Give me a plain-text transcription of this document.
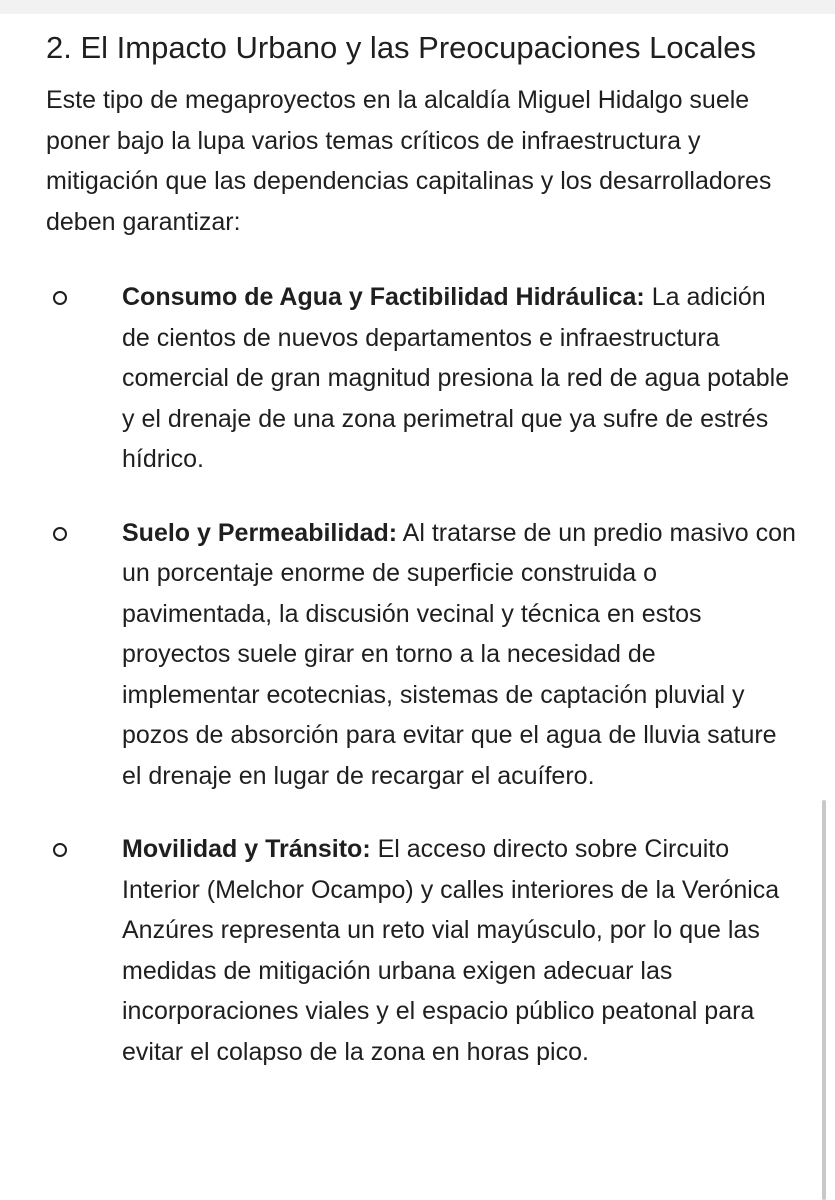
2. El Impacto Urbano y las Preocupaciones Locales

Este tipo de megaproyectos en la alcaldía Miguel Hidalgo suele poner bajo la lupa varios temas críticos de infraestructura y mitigación que las dependencias capitalinas y los desarrolladores deben garantizar:

Consumo de Agua y Factibilidad Hidráulica: La adición de cientos de nuevos departamentos e infraestructura comercial de gran magnitud presiona la red de agua potable y el drenaje de una zona perimetral que ya sufre de estrés hídrico.
Suelo y Permeabilidad: Al tratarse de un predio masivo con un porcentaje enorme de superficie construida o pavimentada, la discusión vecinal y técnica en estos proyectos suele girar en torno a la necesidad de implementar ecotecnias, sistemas de captación pluvial y pozos de absorción para evitar que el agua de lluvia sature el drenaje en lugar de recargar el acuífero.
Movilidad y Tránsito: El acceso directo sobre Circuito Interior (Melchor Ocampo) y calles interiores de la Verónica Anzúres representa un reto vial mayúsculo, por lo que las medidas de mitigación urbana exigen adecuar las incorporaciones viales y el espacio público peatonal para evitar el colapso de la zona en horas pico.
